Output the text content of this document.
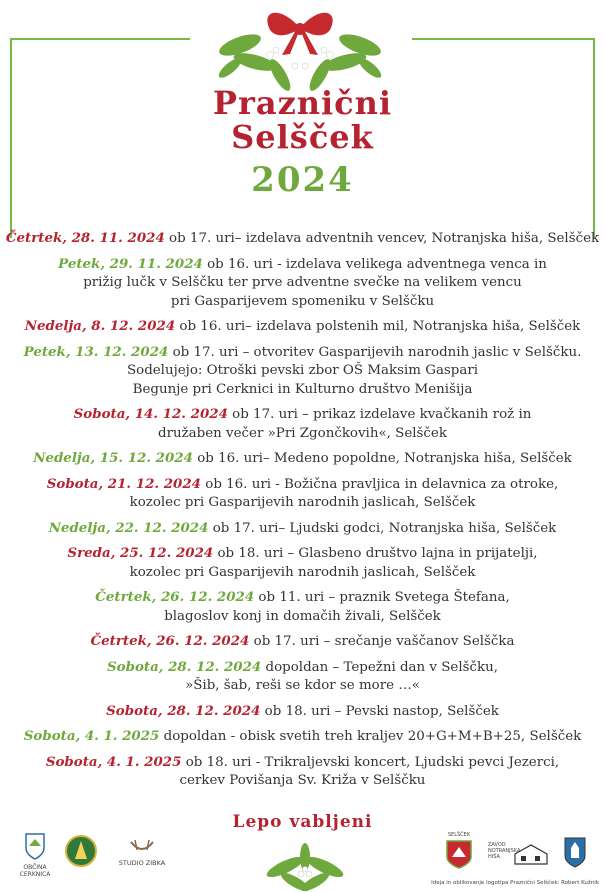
Praznični
Selšček
2024
Četrtek, 28. 11. 2024 ob 17. uri– izdelava adventnih vencev, Notranjska hiša, Selšček
Petek, 29. 11. 2024 ob 16. uri - izdelava velikega adventnega venca in
prižig lučk v Selščku ter prve adventne svečke na velikem vencu
pri Gasparijevem spomeniku v Selščku
Nedelja, 8. 12. 2024 ob 16. uri– izdelava polstenih mil, Notranjska hiša, Selšček
Petek, 13. 12. 2024 ob 17. uri – otvoritev Gasparijevih narodnih jaslic v Selščku.
Sodelujejo: Otroški pevski zbor OŠ Maksim Gaspari
Begunje pri Cerknici in Kulturno društvo Menišija
Sobota, 14. 12. 2024 ob 17. uri – prikaz izdelave kvačkanih rož in
družaben večer »Pri Zgončkovih«, Selšček
Nedelja, 15. 12. 2024 ob 16. uri– Medeno popoldne, Notranjska hiša, Selšček
Sobota, 21. 12. 2024 ob 16. uri - Božična pravljica in delavnica za otroke,
kozolec pri Gasparijevih narodnih jaslicah, Selšček
Nedelja, 22. 12. 2024 ob 17. uri– Ljudski godci, Notranjska hiša, Selšček
Sreda, 25. 12. 2024 ob 18. uri – Glasbeno društvo lajna in prijatelji,
kozolec pri Gasparijevih narodnih jaslicah, Selšček
Četrtek, 26. 12. 2024 ob 11. uri – praznik Svetega Štefana,
blagoslov konj in domačih živali, Selšček
Četrtek, 26. 12. 2024 ob 17. uri – srečanje vaščanov Selščka
Sobota, 28. 12. 2024 dopoldan – Tepežni dan v Selščku,
»Šib, šab, reši se kdor se more …«
Sobota, 28. 12. 2024 ob 18. uri – Pevski nastop, Selšček
Sobota, 4. 1. 2025 dopoldan - obisk svetih treh kraljev 20+G+M+B+25, Selšček
Sobota, 4. 1. 2025 ob 18. uri - Trikraljevski koncert, Ljudski pevci Jezerci,
cerkev Povišanja Sv. Križa v Selščku
Lepo vabljeni
OBČINA
CERKNICA
STUDIO ZIBKA
SELŠČEK
ZAVOD
NOTRANJSKA
HIŠA
Ideja in oblikovanje logotipa Praznični Selšček: Robert Kužnik
